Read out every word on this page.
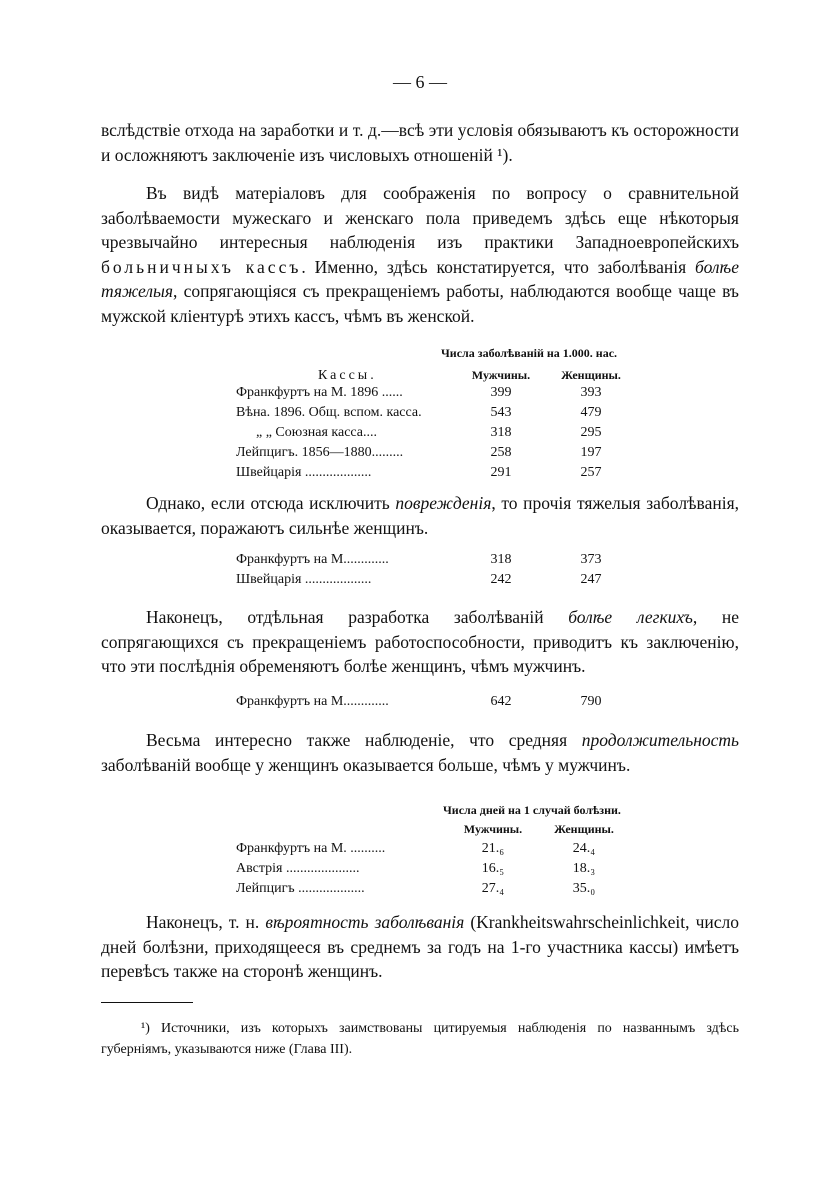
— 6 —

вслѣдствіе отхода на заработки и т. д.—всѣ эти условія обязываютъ къ осторожности и осложняютъ заключеніе изъ числовыхъ отношеній ¹).

Въ видѣ матеріаловъ для соображенія по вопросу о сравнительной заболѣваемости мужескаго и женскаго пола приведемъ здѣсь еще нѣкоторыя чрезвычайно интересныя наблюденія изъ практики Западноевропейскихъ больничныхъ кассъ. Именно, здѣсь констатируется, что заболѣванія болѣе тяжелыя, сопрягающіяся съ прекращеніемъ работы, наблюдаются вообще чаще въ мужской кліентурѣ этихъ кассъ, чѣмъ въ женской.

Числа заболѣваній на 1.000. нас.
Кассы.	Мужчины.	Женщины.
Франкфуртъ на М. 1896 ......	399	393
Вѣна. 1896. Общ. вспом. касса.	543	479
„ „ Союзная касса....	318	295
Лейпцигъ. 1856—1880.........	258	197
Швейцарія ...................	291	257

Однако, если отсюда исключить поврежденія, то прочія тяжелыя заболѣванія, оказывается, поражаютъ сильнѣе женщинъ.

Франкфуртъ на М.............	318	373
Швейцарія ...................	242	247

Наконецъ, отдѣльная разработка заболѣваній болѣе легкихъ, не сопрягающихся съ прекращеніемъ работоспособности, приводитъ къ заключенію, что эти послѣднія обременяютъ болѣе женщинъ, чѣмъ мужчинъ.

Франкфуртъ на М.............	642	790

Весьма интересно также наблюденіе, что средняя продолжительность заболѣваній вообще у женщинъ оказывается больше, чѣмъ у мужчинъ.

Числа дней на 1 случай болѣзни.
Мужчины.	Женщины.
Франкфуртъ на М. ..........	21.₆	24.₄
Австрія .....................	16.₅	18.₃
Лейпцигъ ...................	27.₄	35.₀

Наконецъ, т. н. вѣроятность заболѣванія (Krankheitswahrscheinlichkeit, число дней болѣзни, приходящееся въ среднемъ за годъ на 1-го участника кассы) имѣетъ перевѣсъ также на сторонѣ женщинъ.

¹) Источники, изъ которыхъ заимствованы цитируемыя наблюденія по названнымъ здѣсь губерніямъ, указываются ниже (Глава III).
